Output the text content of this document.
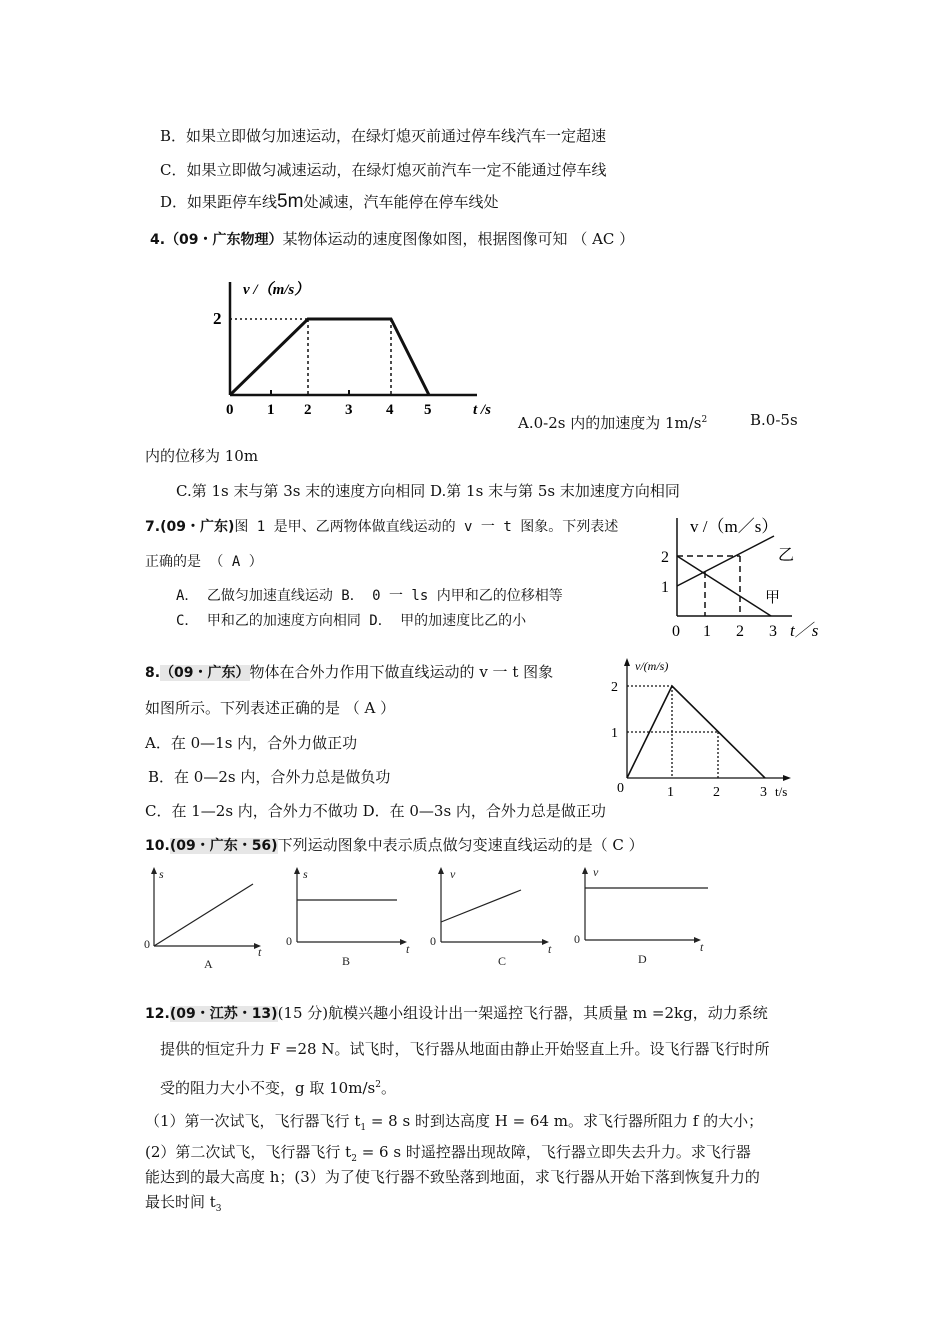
B．如果立即做匀加速运动，在绿灯熄灭前通过停车线汽车一定超速
C．如果立即做匀减速运动，在绿灯熄灭前汽车一定不能通过停车线
D．如果距停车线5m处减速，汽车能停在停车线处
4.（09・广东物理）某物体运动的速度图像如图，根据图像可知 （ AC ）
v /（m/s）
2
0 1 2 3 4 5	t /s
A.0-2s 内的加速度为 $1m/s^2$	B.0-5s
内的位移为 10m
C.第 1s 末与第 3s 末的速度方向相同 D.第 1s 末与第 5s 末加速度方向相同
7.(09・广东)图 1 是甲、乙两物体做直线运动的 v 一 t 图象。下列表述
正确的是 （ A ）
A． 乙做匀加速直线运动 B． 0 一 ls 内甲和乙的位移相等
C． 甲和乙的加速度方向相同 D． 甲的加速度比乙的小
v /（m／s）
1
2
0 1 2 3 t／s
乙
甲
8.（09・广东）物体在合外力作用下做直线运动的 v 一 t 图象
如图所示。下列表述正确的是 （ A ）
A．在 0—1s 内，合外力做正功
B．在 0—2s 内，合外力总是做负功
C．在 1—2s 内，合外力不做功 D．在 0—3s 内，合外力总是做正功
v/(m/s)
1
2
0	1	2	3 t/s
10.(09・广东・56)下列运动图象中表示质点做匀变速直线运动的是（ C ）
s
0
t
A
s
0
t
B
v
0
t
C
v
0
t
D
12.(09・江苏・13)(15 分)航模兴趣小组设计出一架遥控飞行器，其质量 m =2kg，动力系统
提供的恒定升力 F =28 N。试飞时，飞行器从地面由静止开始竖直上升。设飞行器飞行时所
受的阻力大小不变，g 取 $10m/s^2$。
（1）第一次试飞，飞行器飞行 $t_1 = 8$ s 时到达高度 H = 64 m。求飞行器所阻力 f 的大小；
(2）第二次试飞，飞行器飞行 $t_2 = 6$ s 时遥控器出现故障，飞行器立即失去升力。求飞行器
能达到的最大高度 h；(3）为了使飞行器不致坠落到地面，求飞行器从开始下落到恢复升力的
最长时间 $t_3$
